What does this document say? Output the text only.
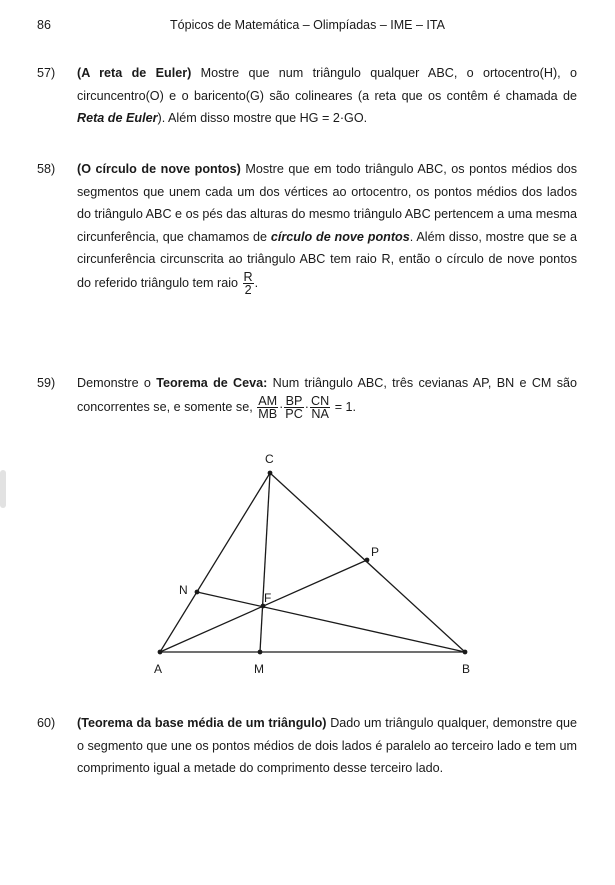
86	Tópicos de Matemática – Olimpíadas – IME – ITA
57) (A reta de Euler) Mostre que num triângulo qualquer ABC, o ortocentro(H), o circuncentro(O) e o baricento(G) são colineares (a reta que os contêm é chamada de Reta de Euler). Além disso mostre que HG = 2·GO.
58) (O círculo de nove pontos) Mostre que em todo triângulo ABC, os pontos médios dos segmentos que unem cada um dos vértices ao ortocentro, os pontos médios dos lados do triângulo ABC e os pés das alturas do mesmo triângulo ABC pertencem a uma mesma circunferência, que chamamos de círculo de nove pontos. Além disso, mostre que se a circunferência circunscrita ao triângulo ABC tem raio R, então o círculo de nove pontos do referido triângulo tem raio $\frac{R}{2}$ .
59) Demonstre o Teorema de Ceva: Num triângulo ABC, três cevianas AP, BN e CM são concorrentes se, e somente se, $\frac{AM}{MB} \cdot \frac{BP}{PC} \cdot \frac{CN}{NA} = 1$.
C
A	M	B
N
P
F
60) (Teorema da base média de um triângulo) Dado um triângulo qualquer, demonstre que o segmento que une os pontos médios de dois lados é paralelo ao terceiro lado e tem um comprimento igual a metade do comprimento desse terceiro lado.
